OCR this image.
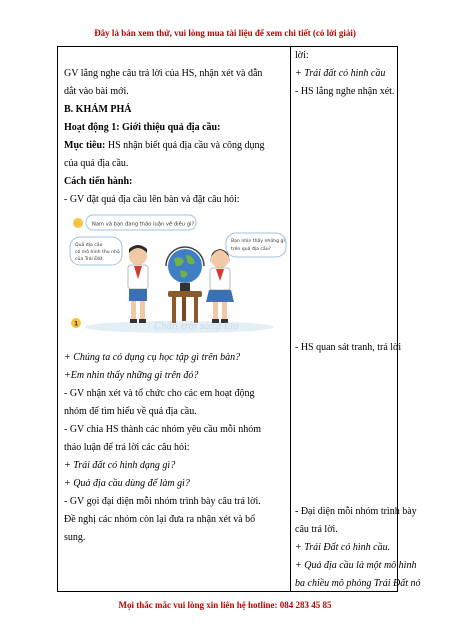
Đây là bản xem thử, vui lòng mua tài liệu để xem chi tiết (có lời giải)
GV lắng nghe câu trả lời của HS, nhận xét và dẫn
dắt vào bài mới.
B. KHÁM PHÁ
Hoạt động 1: Giới thiệu quả địa cầu:
Mục tiêu: HS nhận biết quả địa cầu và công dụng
của quả địa cầu.
Cách tiến hành:
- GV đặt quả địa cầu lên bàn và đặt câu hỏi:
Nam và bạn đang thảo luận về điều gì?
Quả địa cầu
có mô hình thu nhỏ
của Trái Đất.
Bạn nhìn thấy những gì
trên quả địa cầu?
1	Chân trời sáng tạo
+ Chúng ta có dụng cụ học tập gì trên bàn?
+Em nhìn thấy những gì trên đó?
- GV nhận xét và tổ chức cho các em hoạt động
nhóm để tìm hiểu về quả địa cầu.
- GV chia HS thành các nhóm yêu cầu mỗi nhóm
thảo luận để trả lời các câu hỏi:
+ Trái đất có hình dạng gì?
+ Quả địa cầu dùng để làm gì?
- GV gọi đại diện mỗi nhóm trình bày câu trả lời.
Đề nghị các nhóm còn lại đưa ra nhận xét và bổ
sung.
lời:
+ Trái đất có hình cầu
- HS lắng nghe nhận xét.
- HS quan sát tranh, trả lời
- Đại diện mỗi nhóm trình bày
câu trả lời.
+ Trái Đất có hình cầu.
+ Quả địa cầu là một mô hình
ba chiều mô phỏng Trái Đất nó
Mọi thắc mắc vui lòng xin liên hệ hotline: 084 283 45 85
